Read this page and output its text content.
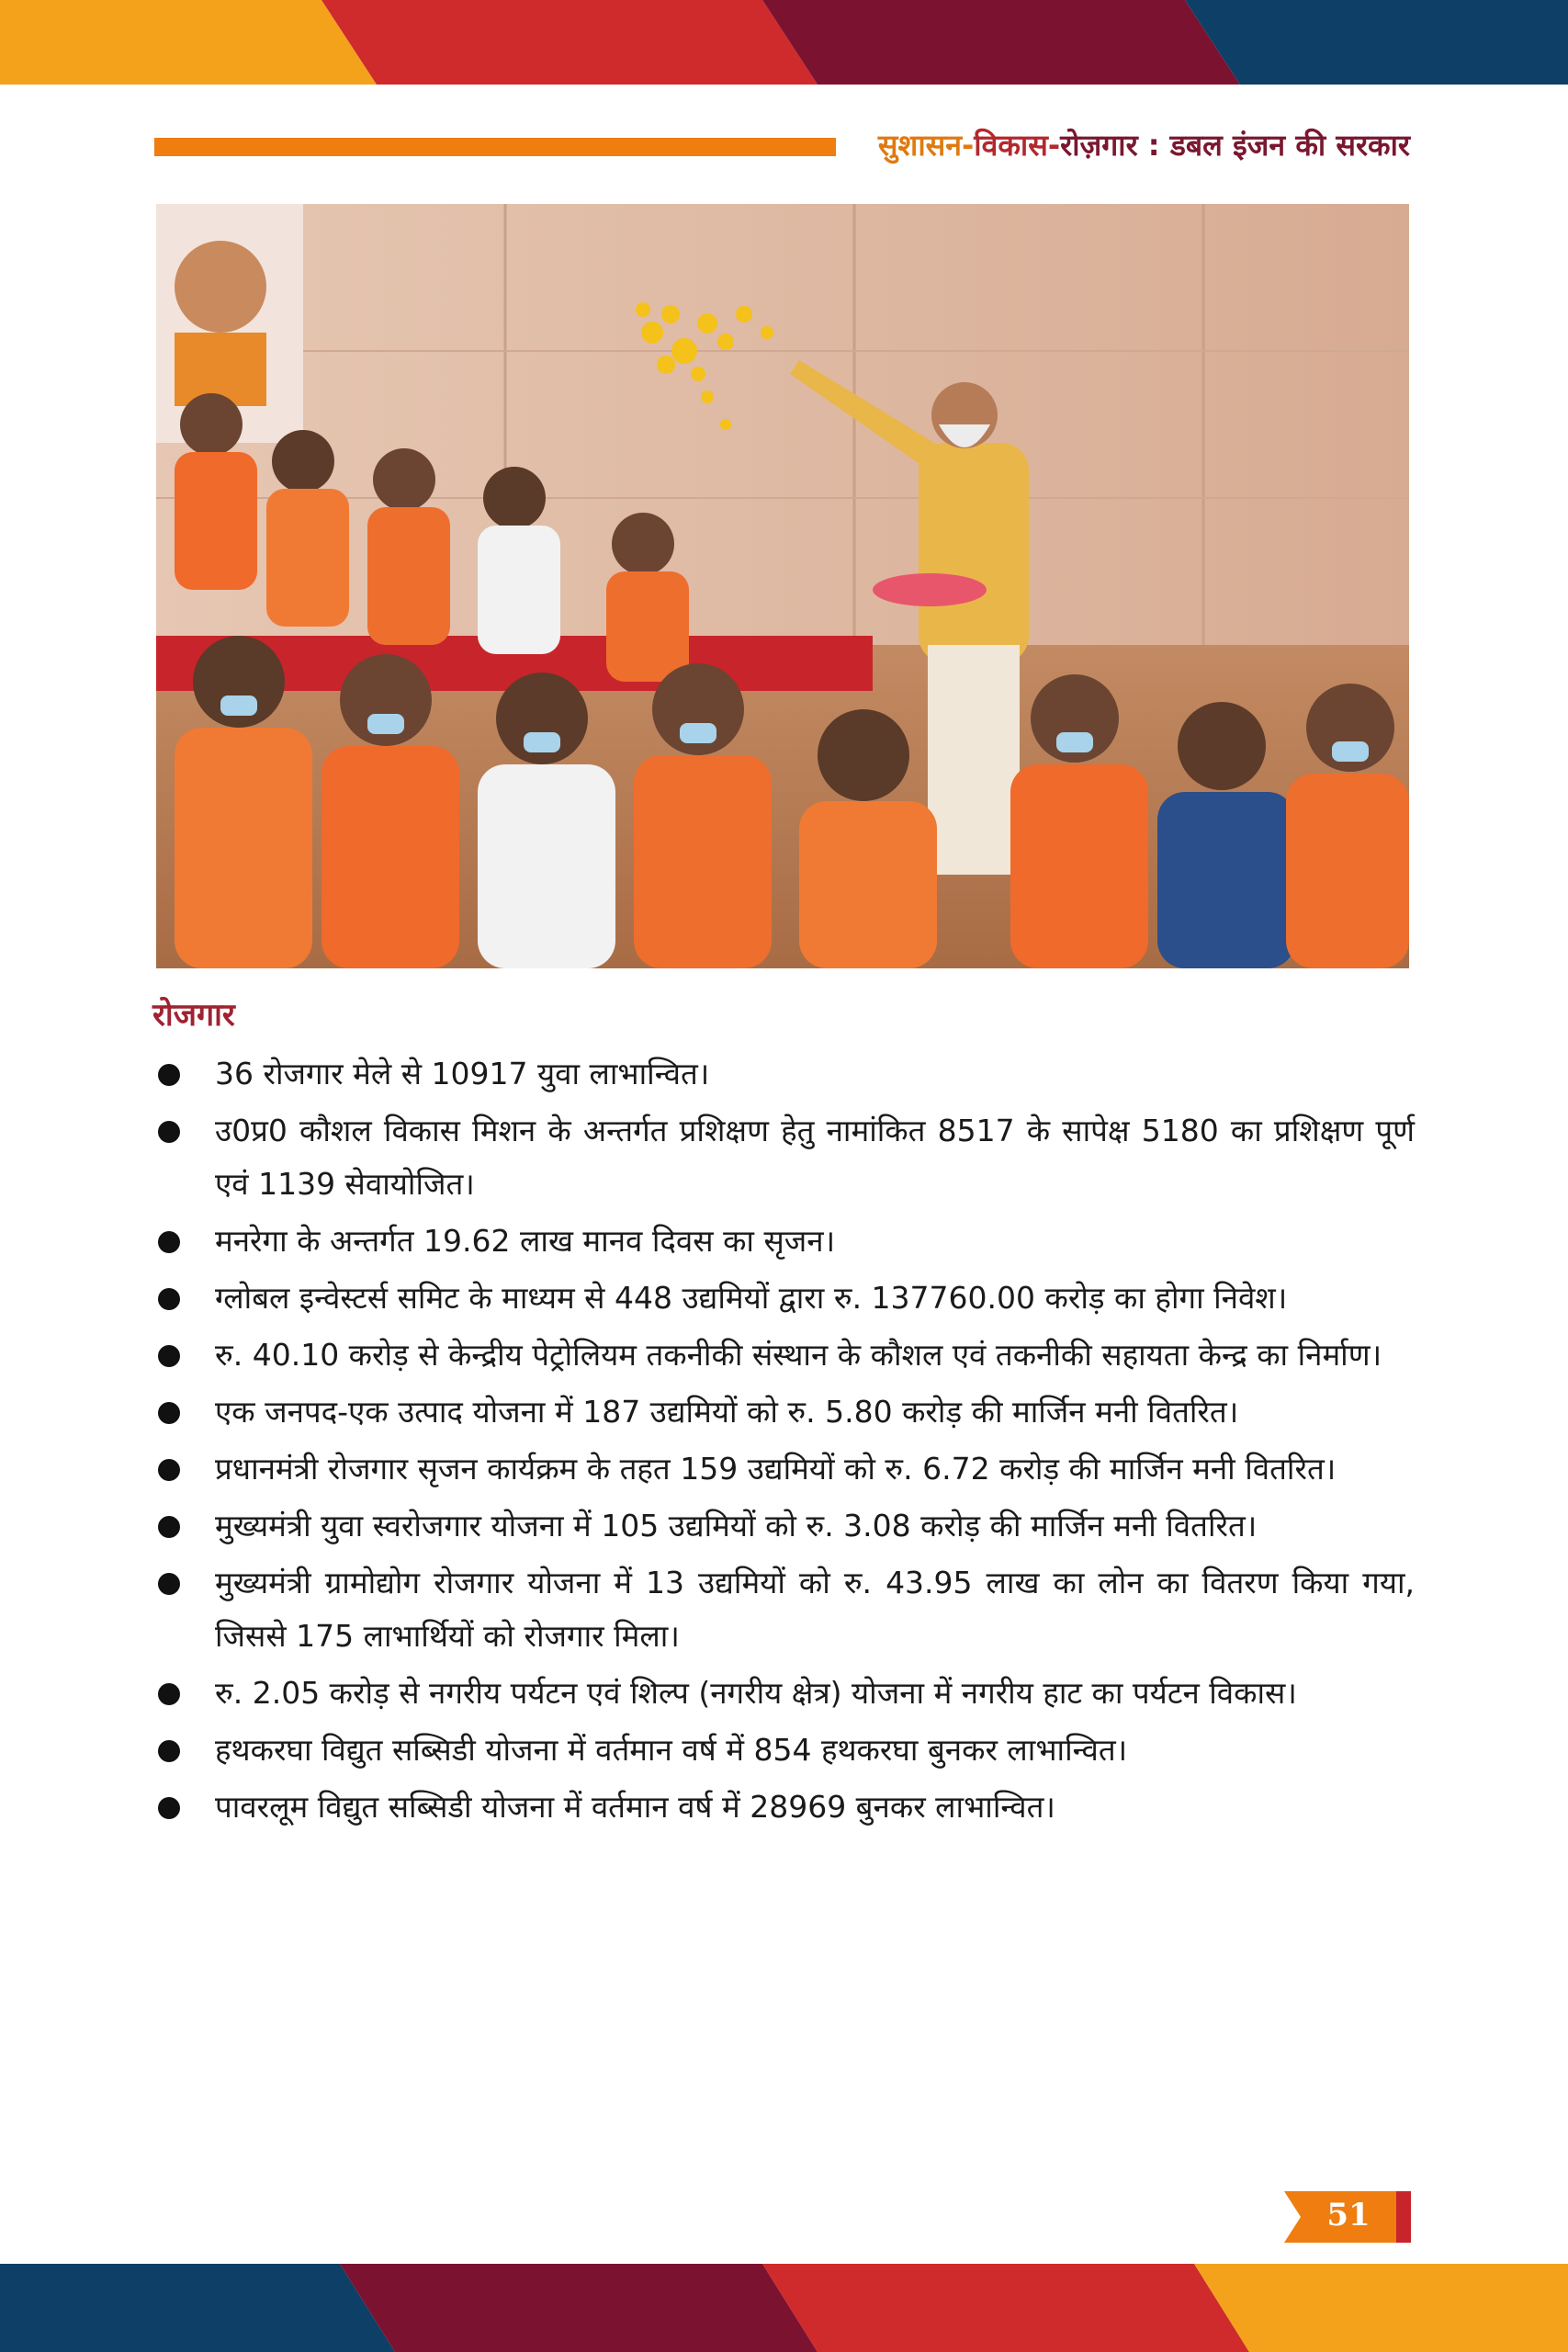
सुशासन-विकास-रोज़गार : डबल इंजन की सरकार
रोजगार
36 रोजगार मेले से 10917 युवा लाभान्वित।
उ0प्र0 कौशल विकास मिशन के अन्तर्गत प्रशिक्षण हेतु नामांकित 8517 के सापेक्ष 5180 का प्रशिक्षण पूर्ण एवं 1139 सेवायोजित।
मनरेगा के अन्तर्गत 19.62 लाख मानव दिवस का सृजन।
ग्लोबल इन्वेस्टर्स समिट के माध्यम से 448 उद्यमियों द्वारा रु. 137760.00 करोड़ का होगा निवेश।
रु. 40.10 करोड़ से केन्द्रीय पेट्रोलियम तकनीकी संस्थान के कौशल एवं तकनीकी सहायता केन्द्र का निर्माण।
एक जनपद-एक उत्पाद योजना में 187 उद्यमियों को रु. 5.80 करोड़ की मार्जिन मनी वितरित।
प्रधानमंत्री रोजगार सृजन कार्यक्रम के तहत 159 उद्यमियों को रु. 6.72 करोड़ की मार्जिन मनी वितरित।
मुख्यमंत्री युवा स्वरोजगार योजना में 105 उद्यमियों को रु. 3.08 करोड़ की मार्जिन मनी वितरित।
मुख्यमंत्री ग्रामोद्योग रोजगार योजना में 13 उद्यमियों को रु. 43.95 लाख का लोन का वितरण किया गया, जिससे 175 लाभार्थियों को रोजगार मिला।
रु. 2.05 करोड़ से नगरीय पर्यटन एवं शिल्प (नगरीय क्षेत्र) योजना में नगरीय हाट का पर्यटन विकास।
हथकरघा विद्युत सब्सिडी योजना में वर्तमान वर्ष में 854 हथकरघा बुनकर लाभान्वित।
पावरलूम विद्युत सब्सिडी योजना में वर्तमान वर्ष में 28969 बुनकर लाभान्वित।
51
